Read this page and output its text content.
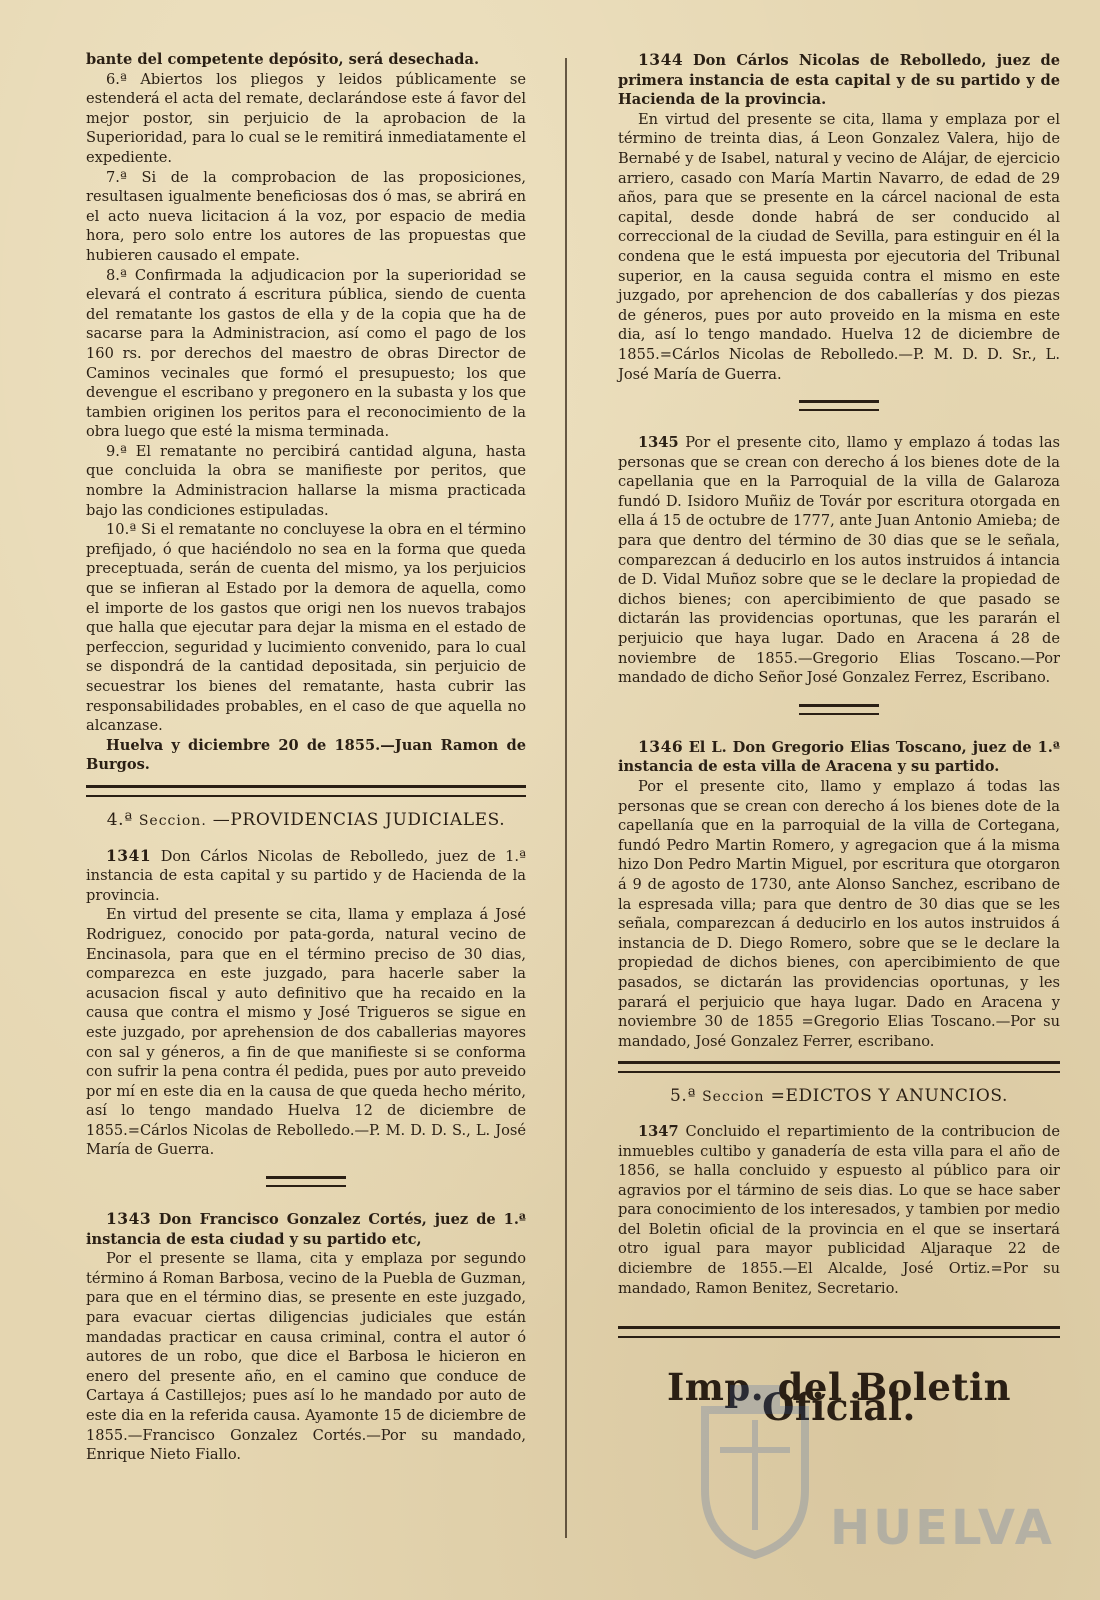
bante del competente depósito, será desechada.

6.ª Abiertos los pliegos y leidos públicamente se estenderá el acta del remate, declarándose este á favor del mejor postor, sin perjuicio de la aprobacion de la Superioridad, para lo cual se le remitirá inmediatamente el expediente.

7.ª Si de la comprobacion de las proposiciones, resultasen igualmente beneficiosas dos ó mas, se abrirá en el acto nueva licitacion á la voz, por espacio de media hora, pero solo entre los autores de las propuestas que hubieren causado el empate.

8.ª Confirmada la adjudicacion por la superioridad se elevará el contrato á escritura pública, siendo de cuenta del rematante los gastos de ella y de la copia que ha de sacarse para la Administracion, así como el pago de los 160 rs. por derechos del maestro de obras Director de Caminos vecinales que formó el presupuesto; los que devengue el escribano y pregonero en la subasta y los que tambien originen los peritos para el reconocimiento de la obra luego que esté la misma terminada.

9.ª El rematante no percibirá cantidad alguna, hasta que concluida la obra se manifieste por peritos, que nombre la Administracion hallarse la misma practicada bajo las condiciones estipuladas.

10.ª Si el rematante no concluyese la obra en el término prefijado, ó que haciéndolo no sea en la forma que queda preceptuada, serán de cuenta del mismo, ya los perjuicios que se infieran al Estado por la demora de aquella, como el importe de los gastos que origi nen los nuevos trabajos que halla que ejecutar para dejar la misma en el estado de perfeccion, seguridad y lucimiento convenido, para lo cual se dispondrá de la cantidad depositada, sin perjuicio de secuestrar los bienes del rematante, hasta cubrir las responsabilidades probables, en el caso de que aquella no alcanzase.

Huelva y diciembre 20 de 1855.—Juan Ramon de Burgos.

4.ª Seccion. —PROVIDENCIAS JUDICIALES.

1341 Don Cárlos Nicolas de Rebolledo, juez de 1.ª instancia de esta capital y su partido y de Hacienda de la provincia.

En virtud del presente se cita, llama y emplaza á José Rodriguez, conocido por pata-gorda, natural vecino de Encinasola, para que en el término preciso de 30 dias, comparezca en este juzgado, para hacerle saber la acusacion fiscal y auto definitivo que ha recaido en la causa que contra el mismo y José Trigueros se sigue en este juzgado, por aprehension de dos caballerias mayores con sal y géneros, a fin de que manifieste si se conforma con sufrir la pena contra él pedida, pues por auto preveido por mí en este dia en la causa de que queda hecho mérito, así lo tengo mandado Huelva 12 de diciembre de 1855.=Cárlos Nicolas de Rebolledo.—P. M. D. D. S., L. José María de Guerra.

1343 Don Francisco Gonzalez Cortés, juez de 1.ª instancia de esta ciudad y su partido etc,

Por el presente se llama, cita y emplaza por segundo término á Roman Barbosa, vecino de la Puebla de Guzman, para que en el término dias, se presente en este juzgado, para evacuar ciertas diligencias judiciales que están mandadas practicar en causa criminal, contra el autor ó autores de un robo, que dice el Barbosa le hicieron en enero del presente año, en el camino que conduce de Cartaya á Castillejos; pues así lo he mandado por auto de este dia en la referida causa. Ayamonte 15 de diciembre de 1855.—Francisco Gonzalez Cortés.—Por su mandado, Enrique Nieto Fiallo.

1344 Don Cárlos Nicolas de Rebolledo, juez de primera instancia de esta capital y de su partido y de Hacienda de la provincia.

En virtud del presente se cita, llama y emplaza por el término de treinta dias, á Leon Gonzalez Valera, hijo de Bernabé y de Isabel, natural y vecino de Alájar, de ejercicio arriero, casado con María Martin Navarro, de edad de 29 años, para que se presente en la cárcel nacional de esta capital, desde donde habrá de ser conducido al correccional de la ciudad de Sevilla, para estinguir en él la condena que le está impuesta por ejecutoria del Tribunal superior, en la causa seguida contra el mismo en este juzgado, por aprehencion de dos caballerías y dos piezas de géneros, pues por auto proveido en la misma en este dia, así lo tengo mandado. Huelva 12 de diciembre de 1855.=Cárlos Nicolas de Rebolledo.—P. M. D. D. Sr., L. José María de Guerra.

1345 Por el presente cito, llamo y emplazo á todas las personas que se crean con derecho á los bienes dote de la capellania que en la Parroquial de la villa de Galaroza fundó D. Isidoro Muñiz de Továr por escritura otorgada en ella á 15 de octubre de 1777, ante Juan Antonio Amieba; de para que dentro del término de 30 dias que se le señala, comparezcan á deducirlo en los autos instruidos á intancia de D. Vidal Muñoz sobre que se le declare la propiedad de dichos bienes; con apercibimiento de que pasado se dictarán las providencias oportunas, que les pararán el perjuicio que haya lugar. Dado en Aracena á 28 de noviembre de 1855.—Gregorio Elias Toscano.—Por mandado de dicho Señor José Gonzalez Ferrez, Escribano.

1346 El L. Don Gregorio Elias Toscano, juez de 1.ª instancia de esta villa de Aracena y su partido.

Por el presente cito, llamo y emplazo á todas las personas que se crean con derecho á los bienes dote de la capellanía que en la parroquial de la villa de Cortegana, fundó Pedro Martin Romero, y agregacion que á la misma hizo Don Pedro Martin Miguel, por escritura que otorgaron á 9 de agosto de 1730, ante Alonso Sanchez, escribano de la espresada villa; para que dentro de 30 dias que se les señala, comparezcan á deducirlo en los autos instruidos á instancia de D. Diego Romero, sobre que se le declare la propiedad de dichos bienes, con apercibimiento de que pasados, se dictarán las providencias oportunas, y les parará el perjuicio que haya lugar. Dado en Aracena y noviembre 30 de 1855 =Gregorio Elias Toscano.—Por su mandado, José Gonzalez Ferrer, escribano.

5.ª Seccion =EDICTOS Y ANUNCIOS.

1347 Concluido el repartimiento de la contribucion de inmuebles cultibo y ganadería de esta villa para el año de 1856, se halla concluido y espuesto al público para oir agravios por el tármino de seis dias. Lo que se hace saber para conocimiento de los interesados, y tambien por medio del Boletin oficial de la provincia en el que se insertará otro igual para mayor publicidad Aljaraque 22 de diciembre de 1855.—El Alcalde, José Ortiz.=Por su mandado, Ramon Benitez, Secretario.

Imp. del Boletin Oficial.
HUELVA
